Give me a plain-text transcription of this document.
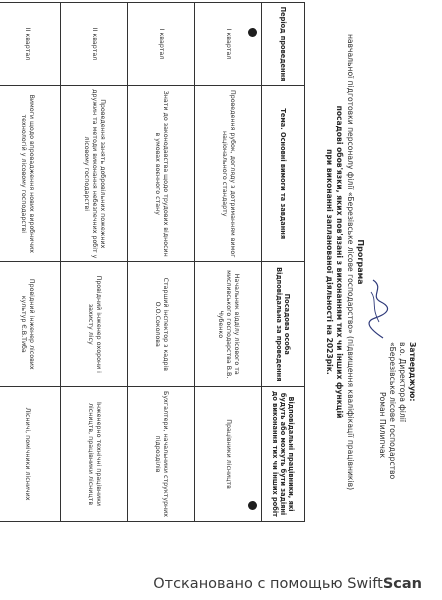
Затверджую:
в.о. Директора філії
«Березівське лісове господарство
Роман Пилипчак
Програма
навчальної підготовки персоналу філії «Березівське лісове господарство» (підвищення кваліфікації працівників)
посадові обов'язки, яких пов'язані з виконанням тих чи інших функцій
при виконанні запланованої діяльності на 2023рік.
Період проведення	Тема. Основні вимоги та завдання	Посадова особа Відповідальна за проведення	Відповідальні працівники, які будуть або можуть бути задіяні до виконання тих чи інших робіт
I квартал	Проведення рубок, догляду з дотриманням вимог національного стандарту	Начальник відділу лісового та мисливського господарства В.В. Чубенко	Працівники лісництв
I квартал	Знати до законодавства щодо трудових відносин в умовах воєнного стану	Старший інспектор з кадрів О.О.Соколова	Бухгалтери, начальники структурних підрозділів
II квартал	Проведення занять добровільних пожежних дружин та методи виконання небезпечних робіт у лісовому господарстві	Провідний інженер охорони і захисту лісу	Інженерно технічні працівники лісництв, працівники лісництв
II квартал	Вимоги щодо впровадження нових виробничих технологій у лісовому господарстві	Провідний інженер лісових культур Є.В.Тиба	Лісничі, помічники лісничих
Отскановано с помощью SwiftScan
